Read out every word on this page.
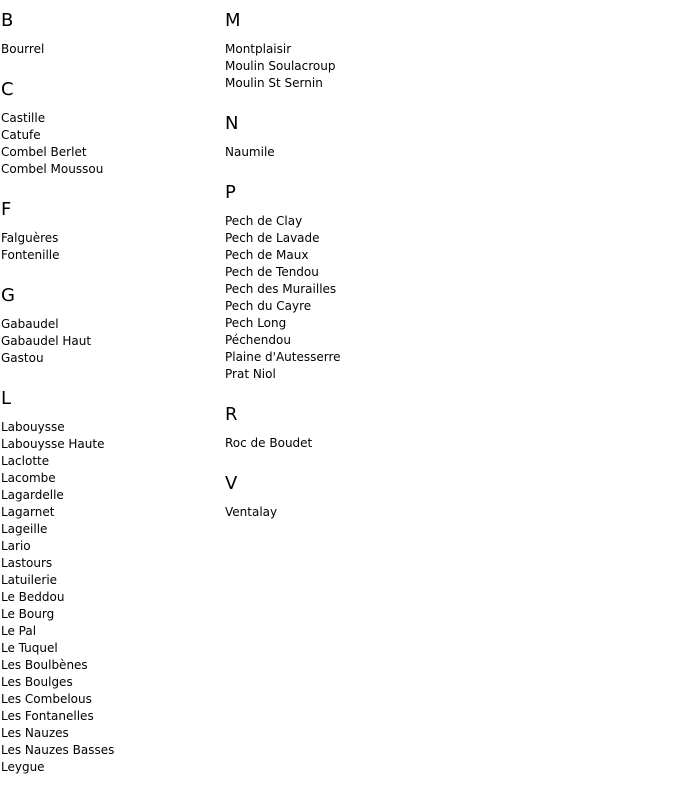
B
Bourrel
C
Castille
Catufe
Combel Berlet
Combel Moussou
F
Falguères
Fontenille
G
Gabaudel
Gabaudel Haut
Gastou
L
Labouysse
Labouysse Haute
Laclotte
Lacombe
Lagardelle
Lagarnet
Lageille
Lario
Lastours
Latuilerie
Le Beddou
Le Bourg
Le Pal
Le Tuquel
Les Boulbènes
Les Boulges
Les Combelous
Les Fontanelles
Les Nauzes
Les Nauzes Basses
Leygue
M
Montplaisir
Moulin Soulacroup
Moulin St Sernin
N
Naumile
P
Pech de Clay
Pech de Lavade
Pech de Maux
Pech de Tendou
Pech des Murailles
Pech du Cayre
Pech Long
Péchendou
Plaine d'Autesserre
Prat Niol
R
Roc de Boudet
V
Ventalay
